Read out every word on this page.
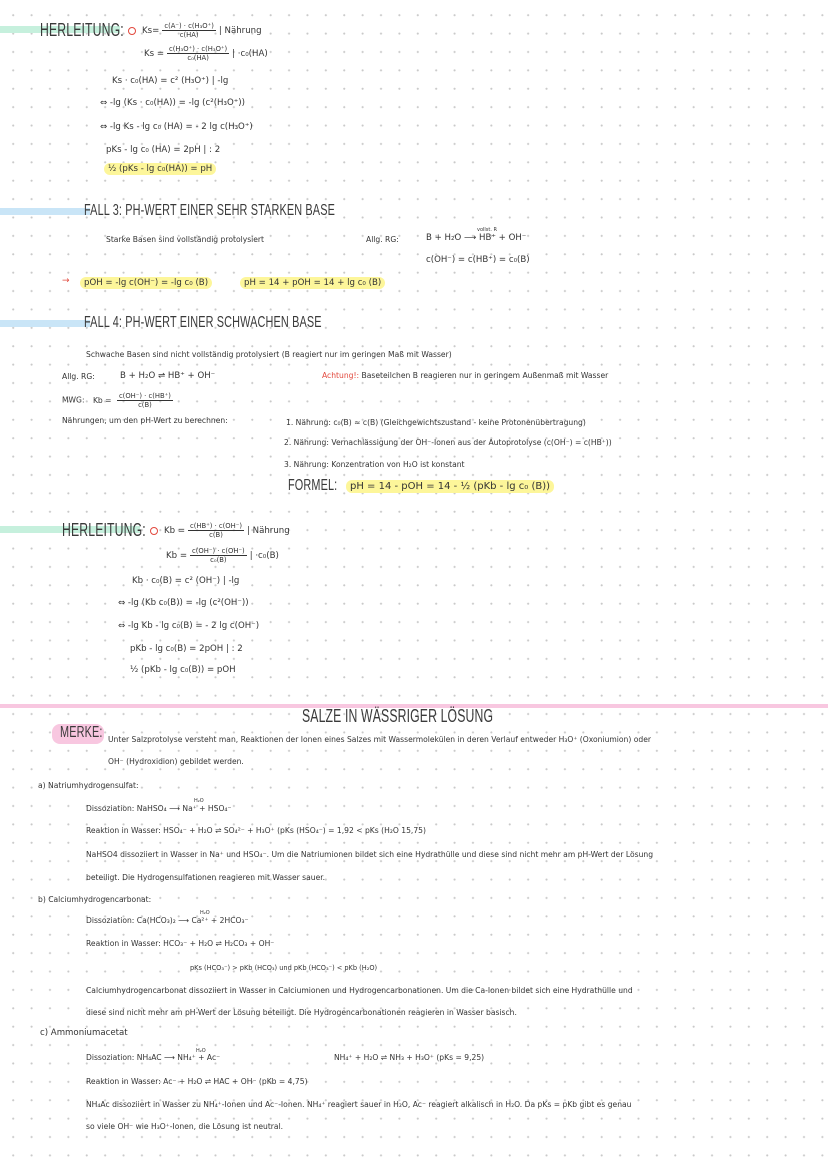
HERLEITUNG:	$Ks= \frac{\text{c(A⁻) · c(H₃O⁺)}}{c(HA)}$ | Nährung
$Ks = \frac{\text{c(H₃O⁺) · c(H₃O⁺)}}{\text{c₀(HA)}}$ | ·c₀(HA)
Ks · c₀(HA) = c² (H₃O⁺) | -lg
⇔ -lg (Ks · c₀(HA)) = -lg (c²(H₃O⁺))
⇔ -lg Ks - lg c₀ (HA) = - 2 lg c(H₃O⁺)
pKs - lg c₀ (HA) = 2pH | : 2
½ (pKs - lg c₀(HA)) = pH
FALL 3: PH-WERT EINER SEHR STARKEN BASE
Starke Basen sind vollständig protolysiert	Allg. RG:	B + H₂O ⟶ HB⁺ + OH⁻
vollst. R
c(OH⁻) = c(HB⁺) = c₀(B)
→	pOH = -lg c(OH⁻) = -lg c₀ (B)	pH = 14 + pOH = 14 + lg c₀ (B)
FALL 4: PH-WERT EINER SCHWACHEN BASE
Schwache Basen sind nicht vollständig protolysiert (B reagiert nur im geringen Maß mit Wasser)
Allg. RG:	B + H₂O ⇌ HB⁺ + OH⁻	Achtung!: Baseteilchen B reagieren nur in geringem Außenmaß mit Wasser
MWG: $Kb = \frac{c(OH^-) \cdot c(HB^+)}{c(B)}$
Nährungen, um den pH-Wert zu berechnen:	1. Nährung: c₀(B) ≈ c(B) (Gleichgewichtszustand - keine Protonenübertragung)
2. Nährung: Vernachlässigung der OH⁻-Ionen aus der Autoprotolyse (c(OH⁻) = c(HB⁺))
3. Nährung: Konzentration von H₂O ist konstant
FORMEL:	pH = 14 - pOH = 14 - ½ (pKb - lg c₀ (B))
HERLEITUNG:	$Kb = \frac{c(HB^+) \cdot c(OH^-)}{c(B)}$ | Nährung
$Kb = \frac{c(OH^-) \cdot c(OH^-)}{\text{c₀(B)}}$ | ·c₀(B)
Kb · c₀(B) = c² (OH⁻) | -lg
⇔ -lg (Kb c₀(B)) = -lg (c²(OH⁻))
⇔ -lg Kb - lg c₀(B) = - 2 lg c(OH⁻)
pKb - lg c₀(B) = 2pOH | : 2
½ (pKb - lg c₀(B)) = pOH
SALZE IN WÄSSRIGER LÖSUNG
MERKE: Unter Salzprotolyse versteht man, Reaktionen der Ionen eines Salzes mit Wassermolekülen in deren Verlauf entweder H₃O⁺ (Oxoniumion) oder
OH⁻ (Hydroxidion) gebildet werden.
a) Natriumhydrogensulfat:
Dissoziation: NaHSO₄ ⟶ Na⁺ + HSO₄⁻
H₂O
Reaktion in Wasser: HSO₄⁻ + H₂O ⇌ SO₄²⁻ + H₃O⁺ (pKs (HSO₄⁻) = 1,92 < pKs (H₂O 15,75)
NaHSO4 dissoziiert in Wasser in Na⁺ und HSO₄⁻. Um die Natriumionen bildet sich eine Hydrathülle und diese sind nicht mehr am pH-Wert der Lösung
beteiligt. Die Hydrogensulfationen reagieren mit Wasser sauer.
b) Calciumhydrogencarbonat:
Dissoziation: Ca(HCO₃)₂ ⟶ Ca²⁺ + 2HCO₃⁻
H₂O
Reaktion in Wasser: HCO₃⁻ + H₂O ⇌ H₂CO₃ + OH⁻
pKs (HCO₃⁻) > pKb (HCO₃) und pKb (HCO₃⁻) < pKb (H₂O)
Calciumhydrogencarbonat dissoziiert in Wasser in Calciumionen und Hydrogencarbonationen. Um die Ca-Ionen bildet sich eine Hydrathülle und
diese sind nicht mehr am pH-Wert der Lösung beteiligt. Die Hydrogencarbonationen reagieren in Wasser basisch.
c) Ammoniumacetat
Dissoziation: NH₄AC ⟶ NH₄⁺ + Ac⁻
H₂O
NH₄⁺ + H₂O ⇌ NH₃ + H₃O⁺ (pKs = 9,25)
Reaktion in Wasser: Ac⁻ + H₂O ⇌ HAC + OH⁻ (pKb = 4,75)
NH₄Ac dissoziiert in Wasser zu NH₄⁺-Ionen und Ac⁻-Ionen. NH₄⁺ reagiert sauer in H₂O, Ac⁻ reagiert alkalisch in H₂O. Da pKs = pKb gibt es genau
so viele OH⁻ wie H₃O⁺-Ionen, die Lösung ist neutral.
